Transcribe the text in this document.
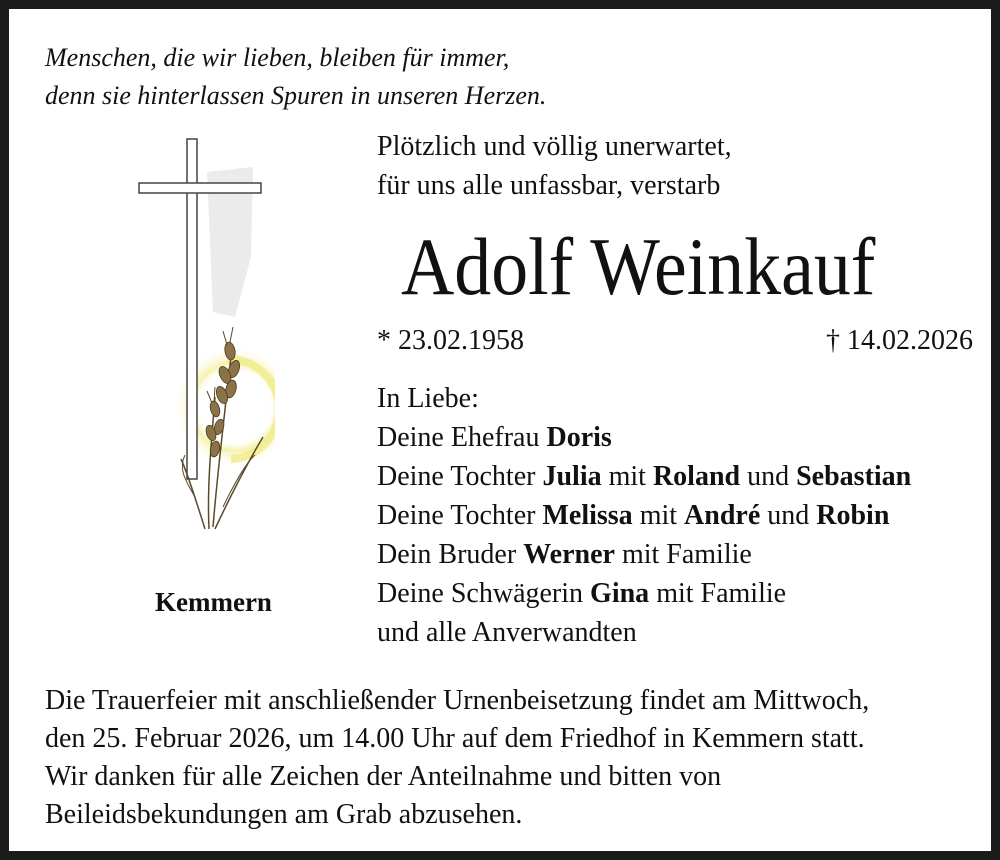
Menschen, die wir lieben, bleiben für immer,
denn sie hinterlassen Spuren in unseren Herzen.
Plötzlich und völlig unerwartet,
für uns alle unfassbar, verstarb
Adolf Weinkauf
* 23.02.1958	† 14.02.2026
In Liebe:
Deine Ehefrau Doris
Deine Tochter Julia mit Roland und Sebastian
Deine Tochter Melissa mit André und Robin
Dein Bruder Werner mit Familie
Deine Schwägerin Gina mit Familie
und alle Anverwandten
Kemmern
Die Trauerfeier mit anschließender Urnenbeisetzung findet am Mittwoch,
den 25. Februar 2026, um 14.00 Uhr auf dem Friedhof in Kemmern statt.
Wir danken für alle Zeichen der Anteilnahme und bitten von
Beileidsbekundungen am Grab abzusehen.
